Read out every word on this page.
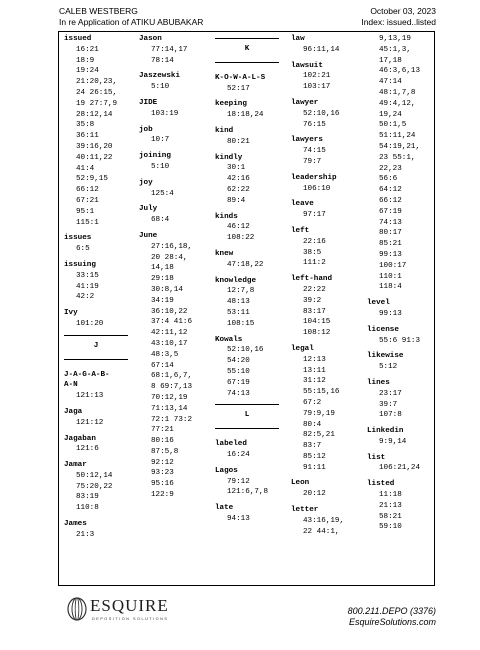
CALEB WESTBERG
In re Application of ATIKU ABUBAKAR
October 03, 2023
Index: issued..listed
issued
16:21
18:9
19:24
21:20,23,
24 26:15,
19 27:7,9
28:12,14
35:8
36:11
39:16,20
40:11,22
41:4
52:9,15
66:12
67:21
95:1
115:1
issues
6:5
issuing
33:15
41:19
42:2
Ivy
101:20
J
J-A-G-A-B-
A-N
121:13
Jaga
121:12
Jagaban
121:6
Jamar
50:12,14
75:20,22
83:19
110:8
James
21:3
Jason
77:14,17
78:14
Jaszewski
5:10
JIDE
103:19
job
10:7
joining
5:10
joy
125:4
July
68:4
June
27:16,18,
20 28:4,
14,18
29:18
30:8,14
34:19
36:10,22
37:4 41:6
42:11,12
43:10,17
48:3,5
67:14
68:1,6,7,
8 69:7,13
70:12,19
71:13,14
72:1 73:2
77:21
80:16
87:5,8
92:12
93:23
95:16
122:9
K
K-O-W-A-L-S
52:17
keeping
18:18,24
kind
80:21
kindly
30:1
42:16
62:22
89:4
kinds
46:12
108:22
knew
47:18,22
knowledge
12:7,8
48:13
53:11
108:15
Kowals
52:10,16
54:20
55:10
67:19
74:13
L
labeled
16:24
Lagos
79:12
121:6,7,8
late
94:13
law
96:11,14
lawsuit
102:21
103:17
lawyer
52:10,16
76:15
lawyers
74:15
79:7
leadership
106:10
leave
97:17
left
22:16
38:5
111:2
left-hand
22:22
39:2
83:17
104:15
108:12
legal
12:13
13:11
31:12
55:15,16
67:2
79:9,19
80:4
82:5,21
83:7
85:12
91:11
Leon
20:12
letter
43:16,19,
22 44:1,
9,13,19
45:1,3,
17,18
46:3,6,13
47:14
48:1,7,8
49:4,12,
19,24
50:1,5
51:11,24
54:19,21,
23 55:1,
22,23
56:6
64:12
66:12
67:19
74:13
80:17
85:21
99:13
100:17
110:1
118:4
level
99:13
license
55:6 91:3
likewise
5:12
lines
23:17
39:7
107:8
Linkedin
9:9,14
list
106:21,24
listed
11:18
21:13
58:21
59:10
ESQUIRE
DEPOSITION SOLUTIONS
800.211.DEPO (3376)
EsquireSolutions.com
